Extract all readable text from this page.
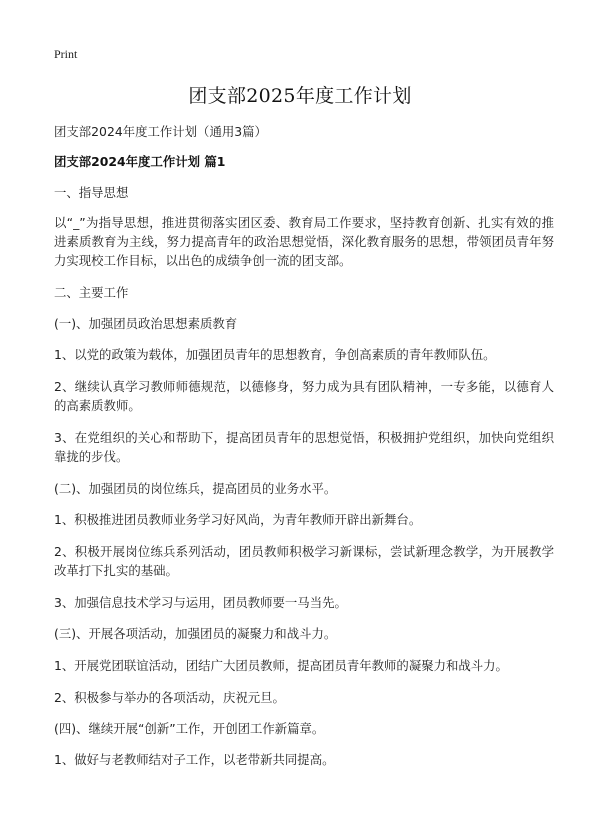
Print
团支部2025年度工作计划

团支部2024年度工作计划（通用3篇）

团支部2024年度工作计划 篇1

一、指导思想

以“_”为指导思想，推进贯彻落实团区委、教育局工作要求，坚持教育创新、扎实有效的推进素质教育为主线，努力提高青年的政治思想觉悟，深化教育服务的思想，带领团员青年努力实现校工作目标，以出色的成绩争创一流的团支部。

二、主要工作

(一)、加强团员政治思想素质教育

1、以党的政策为载体，加强团员青年的思想教育，争创高素质的青年教师队伍。

2、继续认真学习教师师德规范，以德修身，努力成为具有团队精神，一专多能，以德育人的高素质教师。

3、在党组织的关心和帮助下，提高团员青年的思想觉悟，积极拥护党组织，加快向党组织靠拢的步伐。

(二)、加强团员的岗位练兵，提高团员的业务水平。

1、积极推进团员教师业务学习好风尚，为青年教师开辟出新舞台。

2、积极开展岗位练兵系列活动，团员教师积极学习新课标，尝试新理念教学，为开展教学改革打下扎实的基础。

3、加强信息技术学习与运用，团员教师要一马当先。

(三)、开展各项活动，加强团员的凝聚力和战斗力。

1、开展党团联谊活动，团结广大团员教师，提高团员青年教师的凝聚力和战斗力。

2、积极参与举办的各项活动，庆祝元旦。

(四)、继续开展“创新”工作，开创团工作新篇章。

1、做好与老教师结对子工作，以老带新共同提高。
